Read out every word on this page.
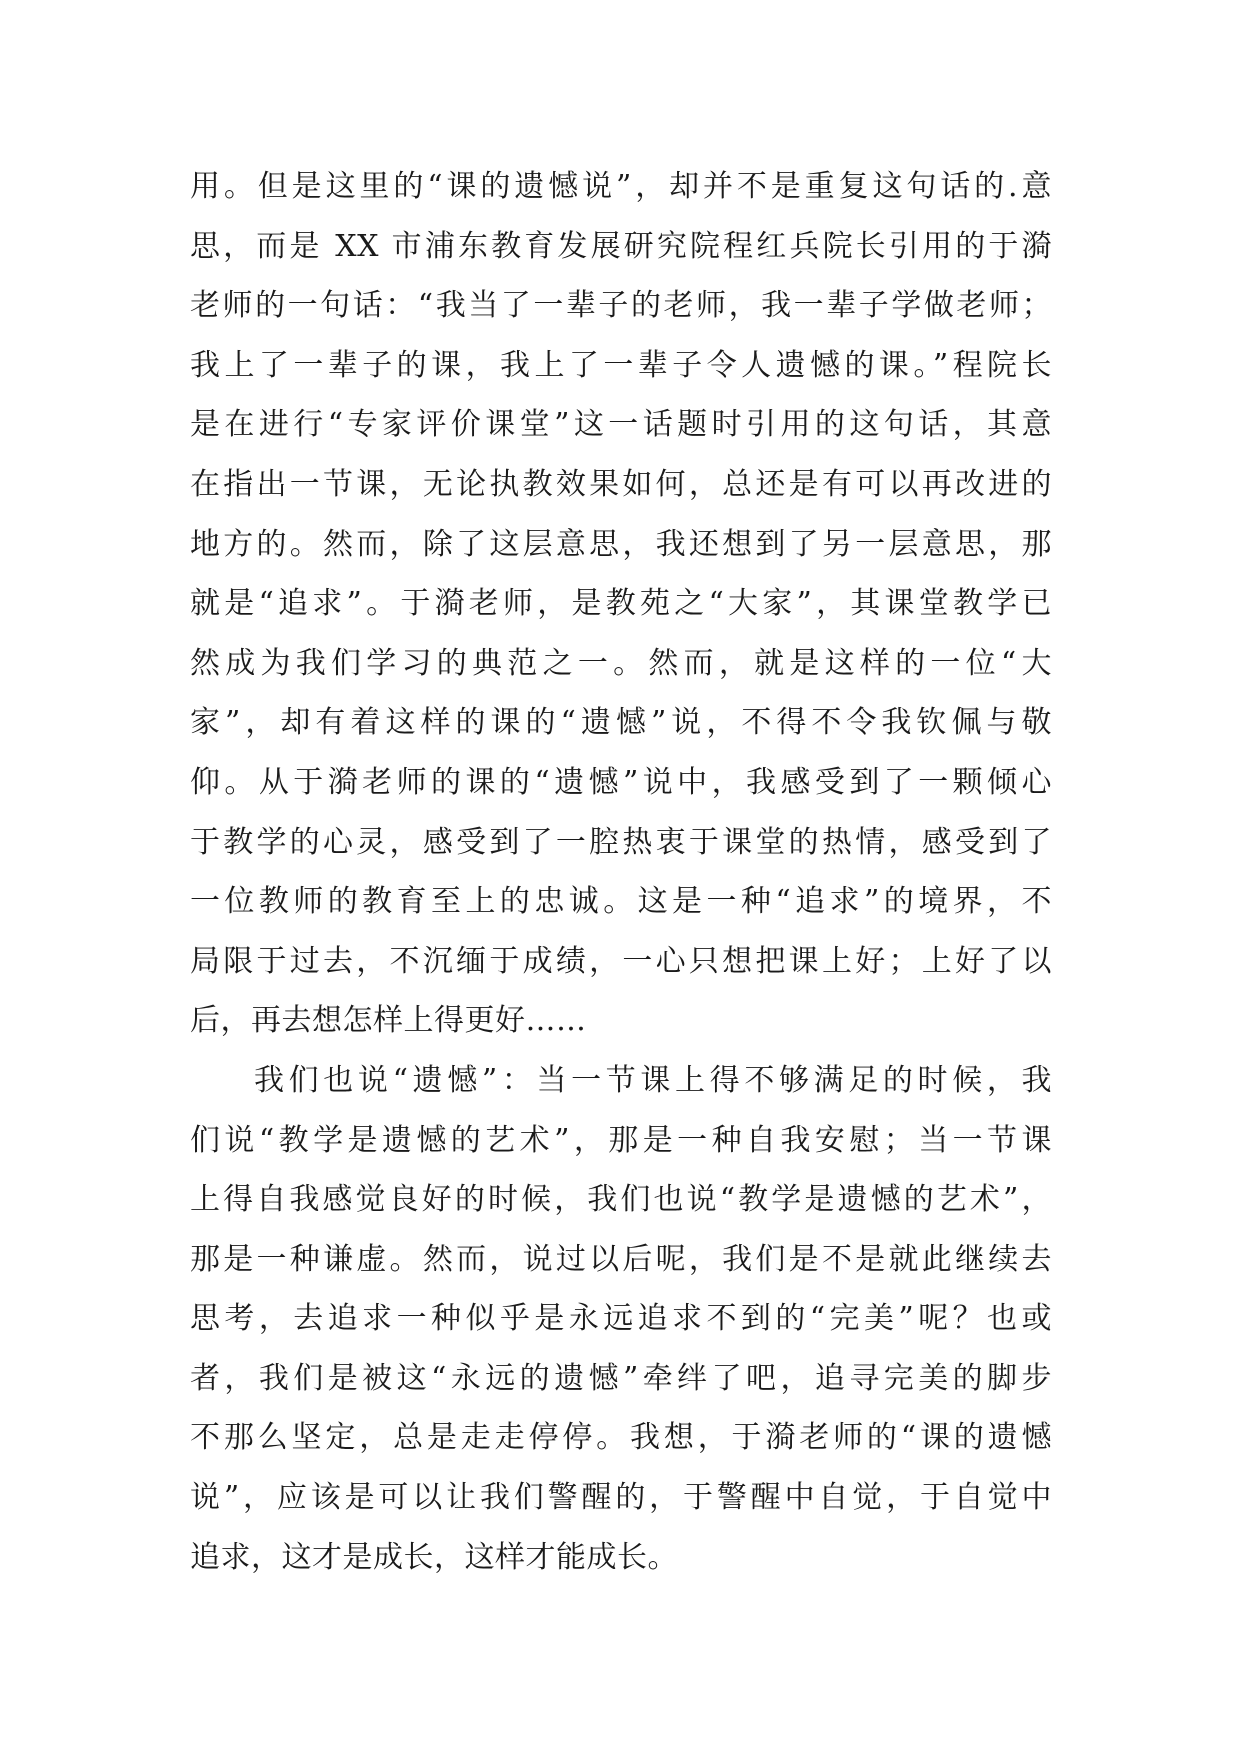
用。但是这里的“课的遗憾说”，却并不是重复这句话的.意
思，而是 XX 市浦东教育发展研究院程红兵院长引用的于漪
老师的一句话：“我当了一辈子的老师，我一辈子学做老师；
我上了一辈子的课，我上了一辈子令人遗憾的课。”程院长
是在进行“专家评价课堂”这一话题时引用的这句话，其意
在指出一节课，无论执教效果如何，总还是有可以再改进的
地方的。然而，除了这层意思，我还想到了另一层意思，那
就是“追求”。于漪老师，是教苑之“大家”，其课堂教学已
然成为我们学习的典范之一。然而，就是这样的一位“大
家”，却有着这样的课的“遗憾”说，不得不令我钦佩与敬
仰。从于漪老师的课的“遗憾”说中，我感受到了一颗倾心
于教学的心灵，感受到了一腔热衷于课堂的热情，感受到了
一位教师的教育至上的忠诚。这是一种“追求”的境界，不
局限于过去，不沉缅于成绩，一心只想把课上好；上好了以
后，再去想怎样上得更好……
我们也说“遗憾”：当一节课上得不够满足的时候，我
们说“教学是遗憾的艺术”，那是一种自我安慰；当一节课
上得自我感觉良好的时候，我们也说“教学是遗憾的艺术”，
那是一种谦虚。然而，说过以后呢，我们是不是就此继续去
思考，去追求一种似乎是永远追求不到的“完美”呢？也或
者，我们是被这“永远的遗憾”牵绊了吧，追寻完美的脚步
不那么坚定，总是走走停停。我想，于漪老师的“课的遗憾
说”，应该是可以让我们警醒的，于警醒中自觉，于自觉中
追求，这才是成长，这样才能成长。
